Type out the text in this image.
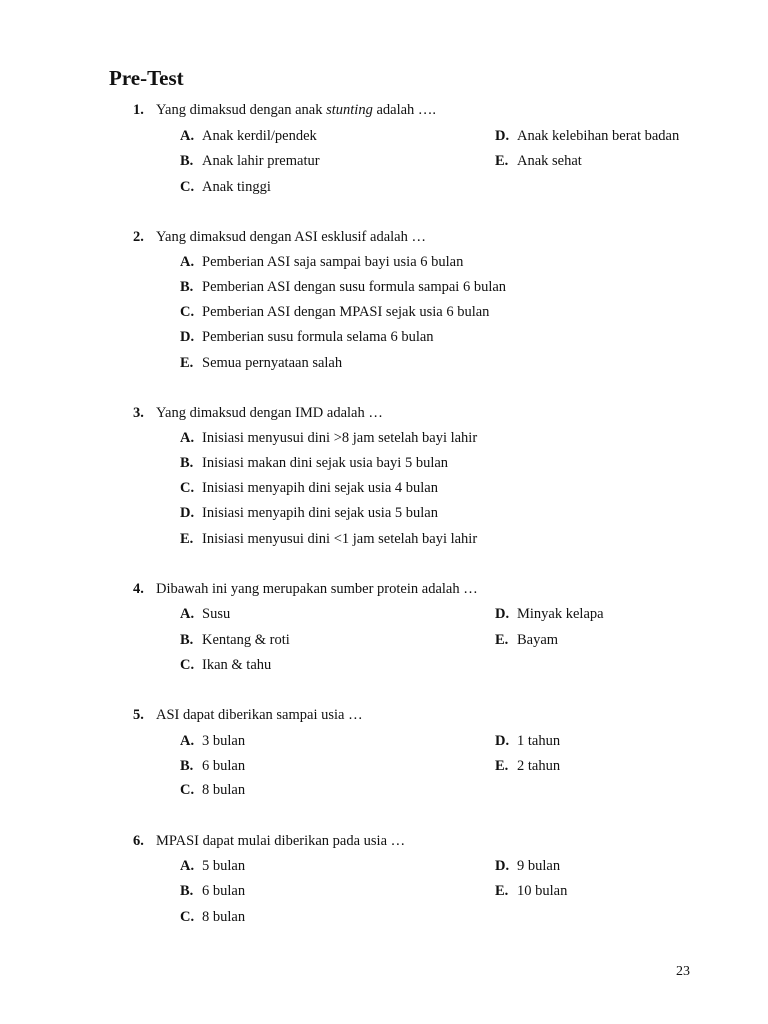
Pre-Test
1. Yang dimaksud dengan anak stunting adalah ….
A. Anak kerdil/pendek
B. Anak lahir prematur
C. Anak tinggi
D. Anak kelebihan berat badan
E. Anak sehat
2. Yang dimaksud dengan ASI esklusif adalah …
A. Pemberian ASI saja sampai bayi usia 6 bulan
B. Pemberian ASI dengan susu formula sampai 6 bulan
C. Pemberian ASI dengan MPASI sejak usia 6 bulan
D. Pemberian susu formula selama 6 bulan
E. Semua pernyataan salah
3. Yang dimaksud dengan IMD adalah …
A. Inisiasi menyusui dini >8 jam setelah bayi lahir
B. Inisiasi makan dini sejak usia bayi 5 bulan
C. Inisiasi menyapih dini sejak usia 4 bulan
D. Inisiasi menyapih dini sejak usia 5 bulan
E. Inisiasi menyusui dini <1 jam setelah bayi lahir
4. Dibawah ini yang merupakan sumber protein adalah …
A. Susu
B. Kentang & roti
C. Ikan & tahu
D. Minyak kelapa
E. Bayam
5. ASI dapat diberikan sampai usia …
A. 3 bulan
B. 6 bulan
C. 8 bulan
D. 1 tahun
E. 2 tahun
6. MPASI dapat mulai diberikan pada usia …
A. 5 bulan
B. 6 bulan
C. 8 bulan
D. 9 bulan
E. 10 bulan
23
